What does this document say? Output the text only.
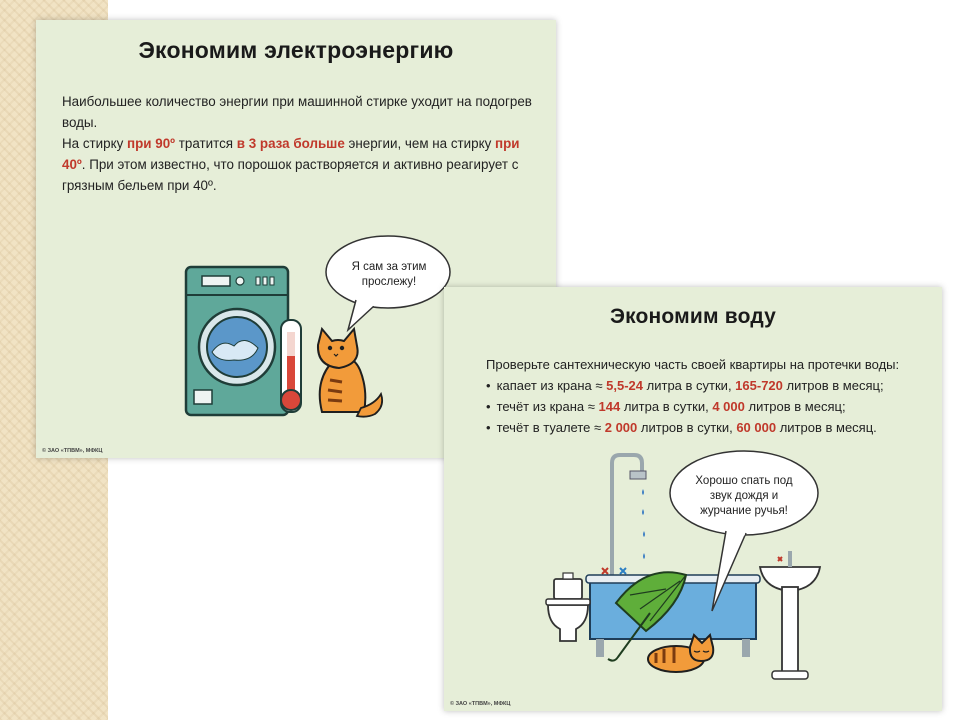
Экономим электроэнергию
Наибольшее количество энергии при машинной стирке уходит на подогрев воды.
На стирку при 90º тратится в 3 раза больше энергии, чем на стирку при 40º. При этом известно, что порошок растворяется и активно реагирует с грязным бельем при 40º.
Я сам за этим
прослежу!
© ЗАО «ТПВМ», МФКЦ
Экономим воду
Проверьте сантехническую часть своей квартиры на протечки воды:
• капает из крана ≈ 5,5-24 литра в сутки, 165-720 литров в месяц;
• течёт из крана ≈ 144 литра в сутки, 4 000 литров в месяц;
• течёт в туалете ≈ 2 000 литров в сутки, 60 000 литров в месяц.
Хорошо спать под
звук дождя и
журчание ручья!
© ЗАО «ТПВМ», МФКЦ
